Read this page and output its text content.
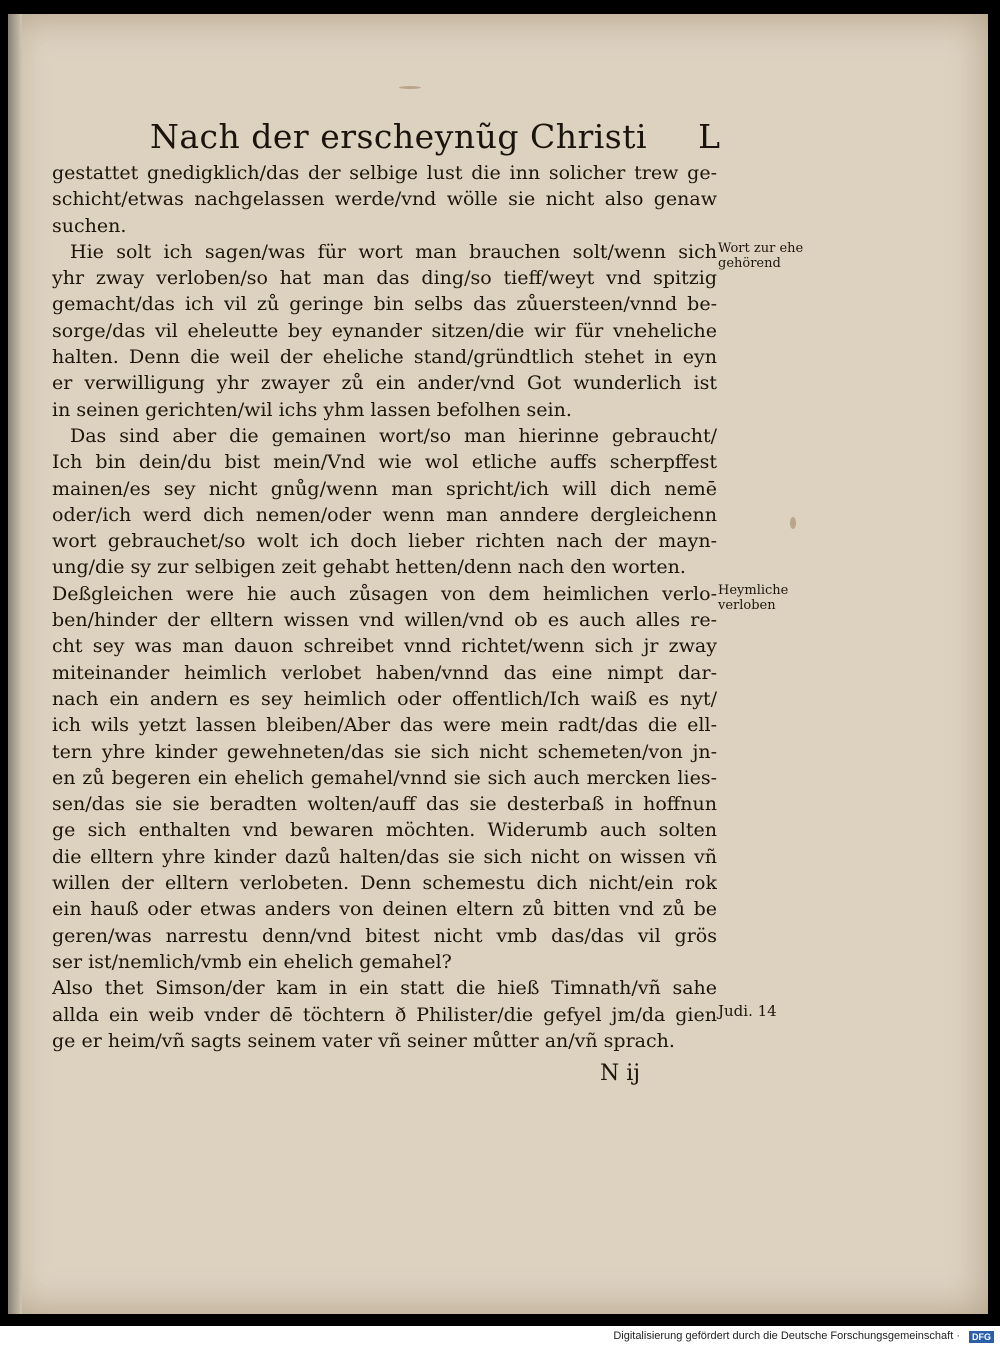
Nach der erscheynũg Christi L
gestattet gnedigklich/das der selbige lust die inn solicher trew ge-
schicht/etwas nachgelassen werde/vnd wölle sie nicht also genaw
suchen.
Hie solt ich sagen/was für wort man brauchen solt/wenn sich
yhr zway verloben/so hat man das ding/so tieff/weyt vnd spitzig
gemacht/das ich vil zů geringe bin selbs das zůuersteen/vnnd be-
sorge/das vil eheleutte bey eynander sitzen/die wir für vneheliche
halten. Denn die weil der eheliche stand/gründtlich stehet in eyn
er verwilligung yhr zwayer zů ein ander/vnd Got wunderlich ist
in seinen gerichten/wil ichs yhm lassen befolhen sein.
Das sind aber die gemainen wort/so man hierinne gebraucht/
Ich bin dein/du bist mein/Vnd wie wol etliche auffs scherpffest
mainen/es sey nicht gnůg/wenn man spricht/ich will dich nemē
oder/ich werd dich nemen/oder wenn man anndere dergleichenn
wort gebrauchet/so wolt ich doch lieber richten nach der mayn-
ung/die sy zur selbigen zeit gehabt hetten/denn nach den worten.
Deßgleichen were hie auch zůsagen von dem heimlichen verlo-
ben/hinder der elltern wissen vnd willen/vnd ob es auch alles re-
cht sey was man dauon schreibet vnnd richtet/wenn sich jr zway
miteinander heimlich verlobet haben/vnnd das eine nimpt dar-
nach ein andern es sey heimlich oder offentlich/Ich waiß es nyt/
ich wils yetzt lassen bleiben/Aber das were mein radt/das die ell-
tern yhre kinder gewehneten/das sie sich nicht schemeten/von jn-
en zů begeren ein ehelich gemahel/vnnd sie sich auch mercken lies-
sen/das sie sie beradten wolten/auff das sie desterbaß in hoffnun
ge sich enthalten vnd bewaren möchten. Widerumb auch solten
die elltern yhre kinder dazů halten/das sie sich nicht on wissen vñ
willen der elltern verlobeten. Denn schemestu dich nicht/ein rok
ein hauß oder etwas anders von deinen eltern zů bitten vnd zů be
geren/was narrestu denn/vnd bitest nicht vmb das/das vil grös
ser ist/nemlich/vmb ein ehelich gemahel?
Also thet Simson/der kam in ein statt die hieß Timnath/vñ sahe
allda ein weib vnder dē töchtern ð Philister/die gefyel jm/da gien
ge er heim/vñ sagts seinem vater vñ seiner můtter an/vñ sprach.
Wort zur ehe gehörend
Heymliche verloben
Judi. 14
N ij
Digitalisierung gefördert durch die Deutsche Forschungsgemeinschaft ·	DFG
